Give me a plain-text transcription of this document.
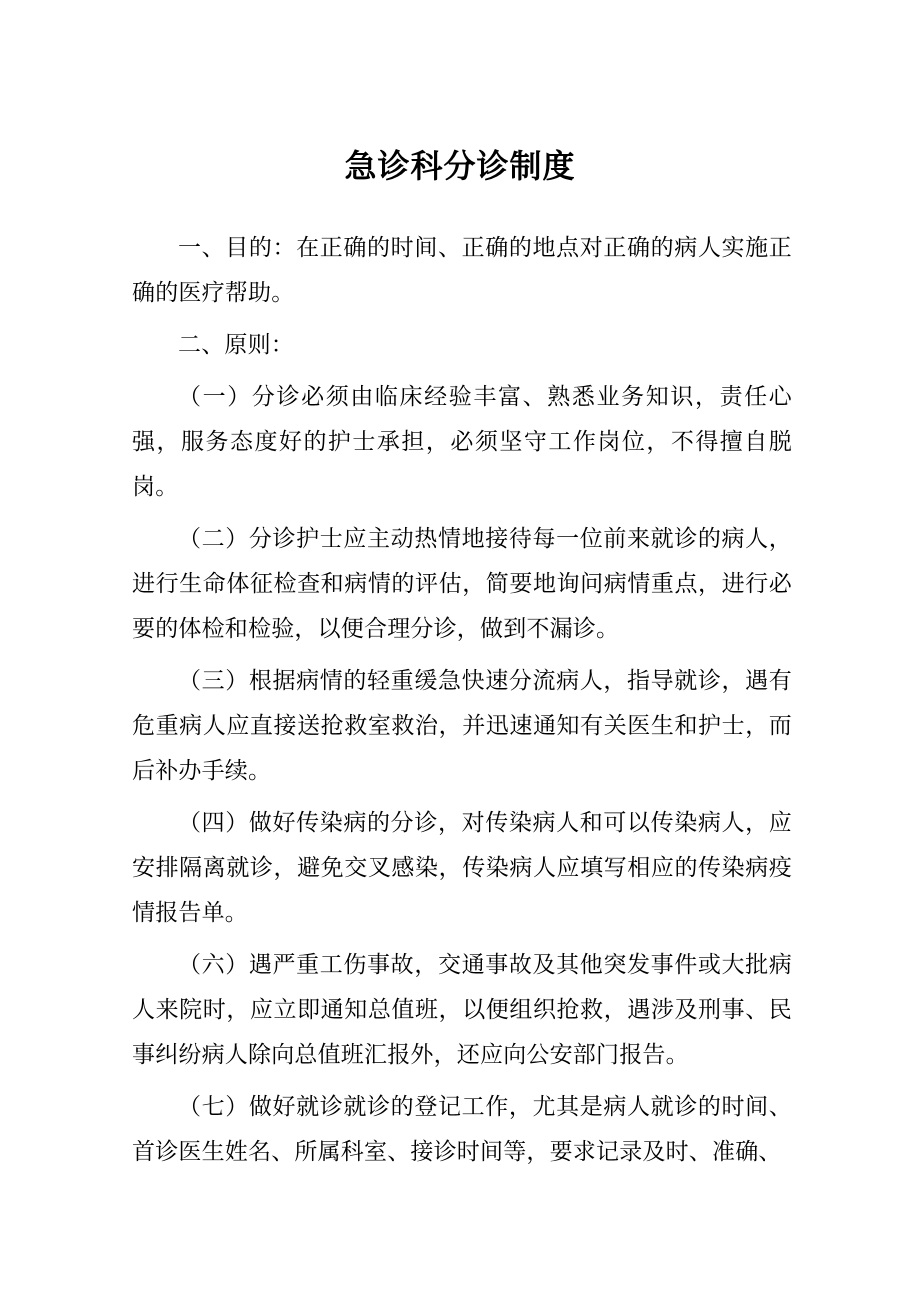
急诊科分诊制度

一、目的：在正确的时间、正确的地点对正确的病人实施正确的医疗帮助。

二、原则：

（一）分诊必须由临床经验丰富、熟悉业务知识，责任心强，服务态度好的护士承担，必须坚守工作岗位，不得擅自脱岗。

（二）分诊护士应主动热情地接待每一位前来就诊的病人，进行生命体征检查和病情的评估，简要地询问病情重点，进行必要的体检和检验，以便合理分诊，做到不漏诊。

（三）根据病情的轻重缓急快速分流病人，指导就诊，遇有危重病人应直接送抢救室救治，并迅速通知有关医生和护士，而后补办手续。

（四）做好传染病的分诊，对传染病人和可以传染病人，应安排隔离就诊，避免交叉感染，传染病人应填写相应的传染病疫情报告单。

（六）遇严重工伤事故，交通事故及其他突发事件或大批病人来院时，应立即通知总值班，以便组织抢救，遇涉及刑事、民事纠纷病人除向总值班汇报外，还应向公安部门报告。

（七）做好就诊就诊的登记工作，尤其是病人就诊的时间、首诊医生姓名、所属科室、接诊时间等，要求记录及时、准确、
